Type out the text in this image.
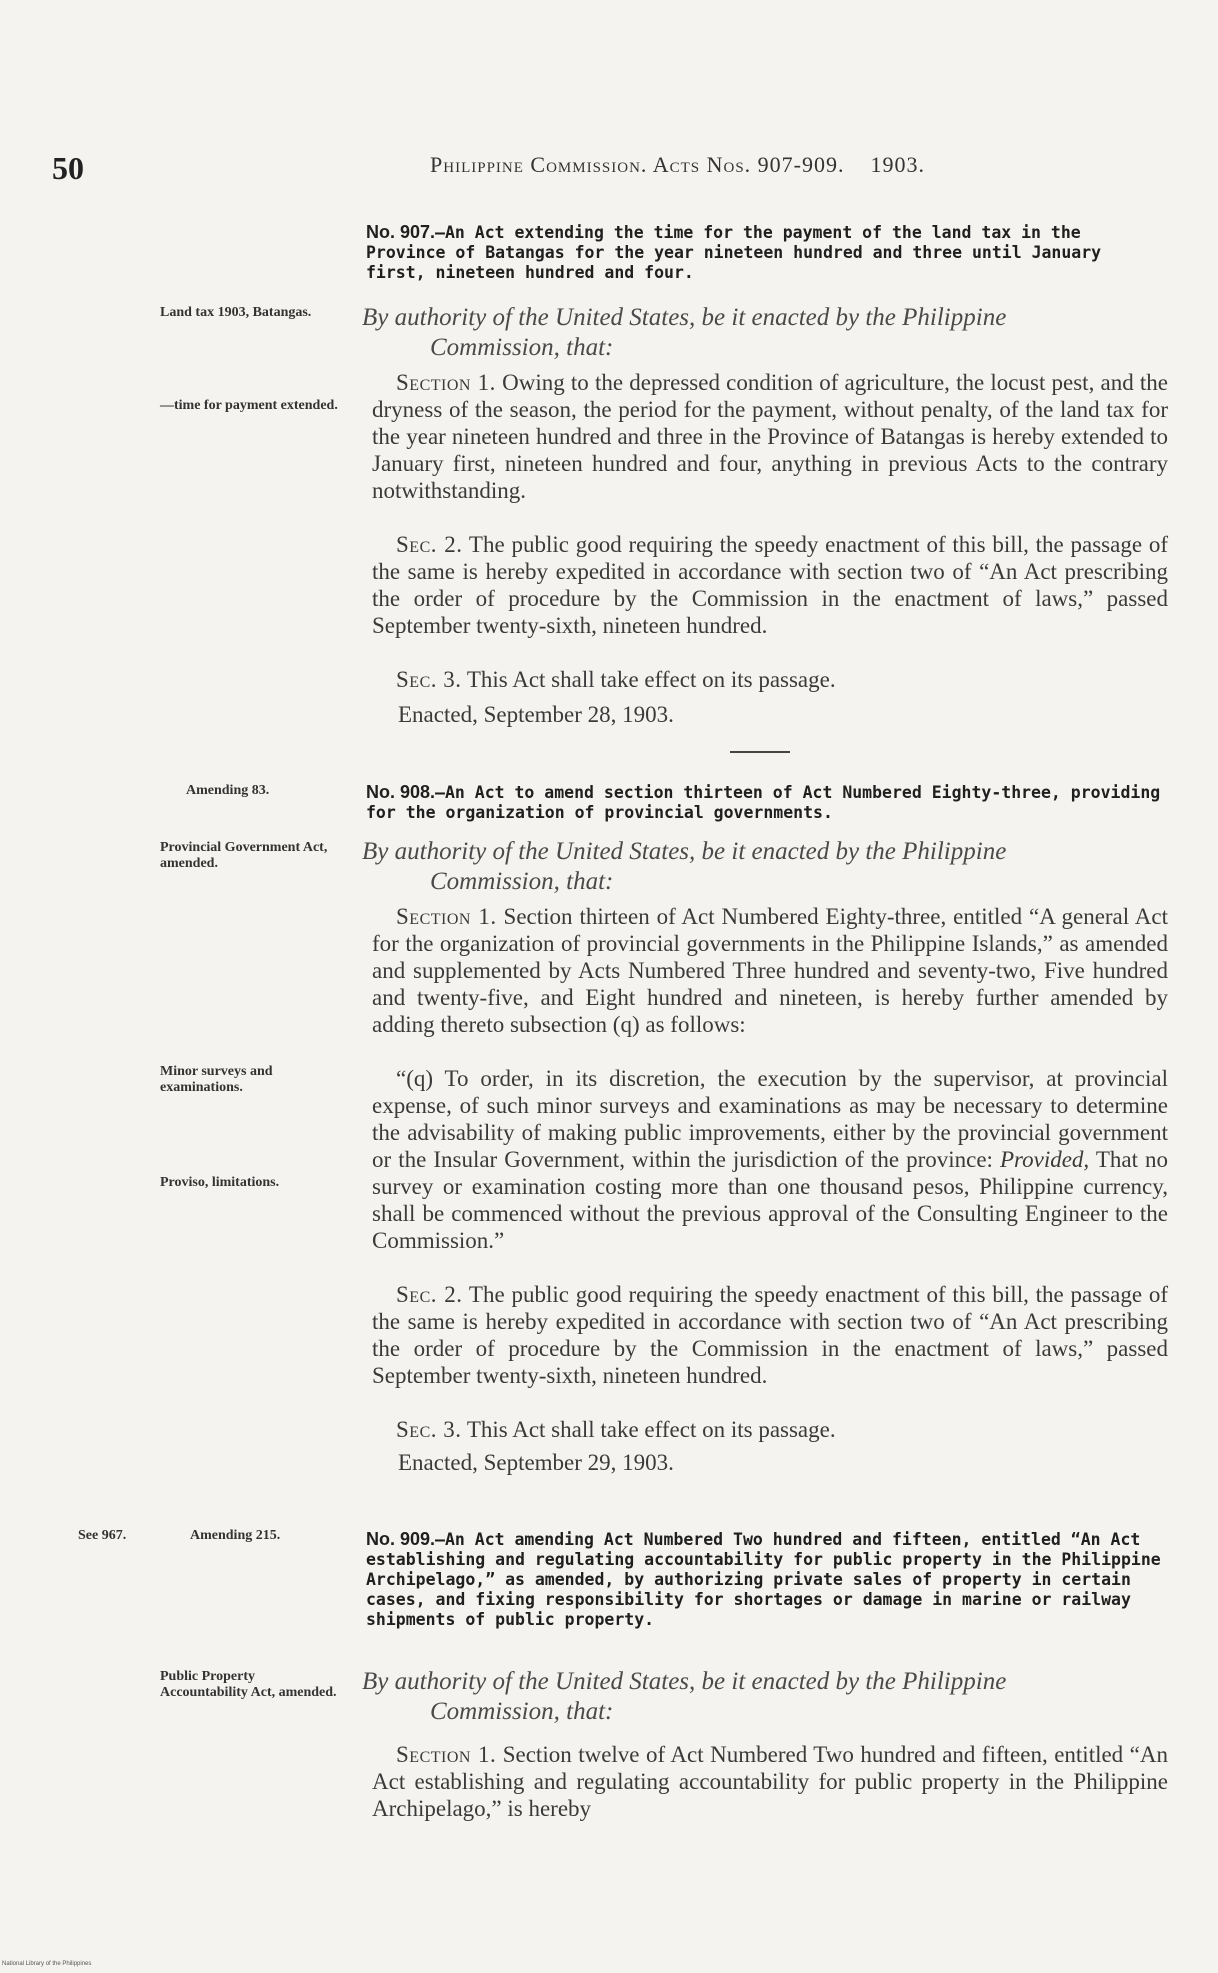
50	Philippine Commission. Acts Nos. 907-909. 1903.
No. 907.—An Act extending the time for the payment of the land tax in the Province of Batangas for the year nineteen hundred and three until January first, nineteen hundred and four.
Land tax 1903, Batangas.
—time for payment extended.
By authority of the United States, be it enacted by the Philippine
Commission, that:
Section 1. Owing to the depressed condition of agriculture, the locust pest, and the dryness of the season, the period for the payment, without penalty, of the land tax for the year nineteen hundred and three in the Province of Batangas is hereby extended to January first, nineteen hundred and four, anything in previous Acts to the contrary notwithstanding.
Sec. 2. The public good requiring the speedy enactment of this bill, the passage of the same is hereby expedited in accordance with section two of “An Act prescribing the order of procedure by the Commission in the enactment of laws,” passed September twenty-sixth, nineteen hundred.
Sec. 3. This Act shall take effect on its passage.
Enacted, September 28, 1903.
Amending 83.	No. 908.—An Act to amend section thirteen of Act Numbered Eighty-three, providing for the organization of provincial governments.
Provincial Government Act, amended.	By authority of the United States, be it enacted by the Philippine
Commission, that:
Section 1. Section thirteen of Act Numbered Eighty-three, entitled “A general Act for the organization of provincial governments in the Philippine Islands,” as amended and supplemented by Acts Numbered Three hundred and seventy-two, Five hundred and twenty-five, and Eight hundred and nineteen, is hereby further amended by adding thereto subsection (q) as follows:
Minor surveys and examinations.
Proviso, limitations.
“(q) To order, in its discretion, the execution by the supervisor, at provincial expense, of such minor surveys and examinations as may be necessary to determine the advisability of making public improvements, either by the provincial government or the Insular Government, within the jurisdiction of the province: Provided, That no survey or examination costing more than one thousand pesos, Philippine currency, shall be commenced without the previous approval of the Consulting Engineer to the Commission.”
Sec. 2. The public good requiring the speedy enactment of this bill, the passage of the same is hereby expedited in accordance with section two of “An Act prescribing the order of procedure by the Commission in the enactment of laws,” passed September twenty-sixth, nineteen hundred.
Sec. 3. This Act shall take effect on its passage.
Enacted, September 29, 1903.
See 967.	Amending 215.	No. 909.—An Act amending Act Numbered Two hundred and fifteen, entitled “An Act establishing and regulating accountability for public property in the Philippine Archipelago,” as amended, by authorizing private sales of property in certain cases, and fixing responsibility for shortages or damage in marine or railway shipments of public property.
Public Property Accountability Act, amended. By authority of the United States, be it enacted by the Philippine
Commission, that:
Section 1. Section twelve of Act Numbered Two hundred and fifteen, entitled “An Act establishing and regulating accountability for public property in the Philippine Archipelago,” is hereby
National Library of the Philippines
